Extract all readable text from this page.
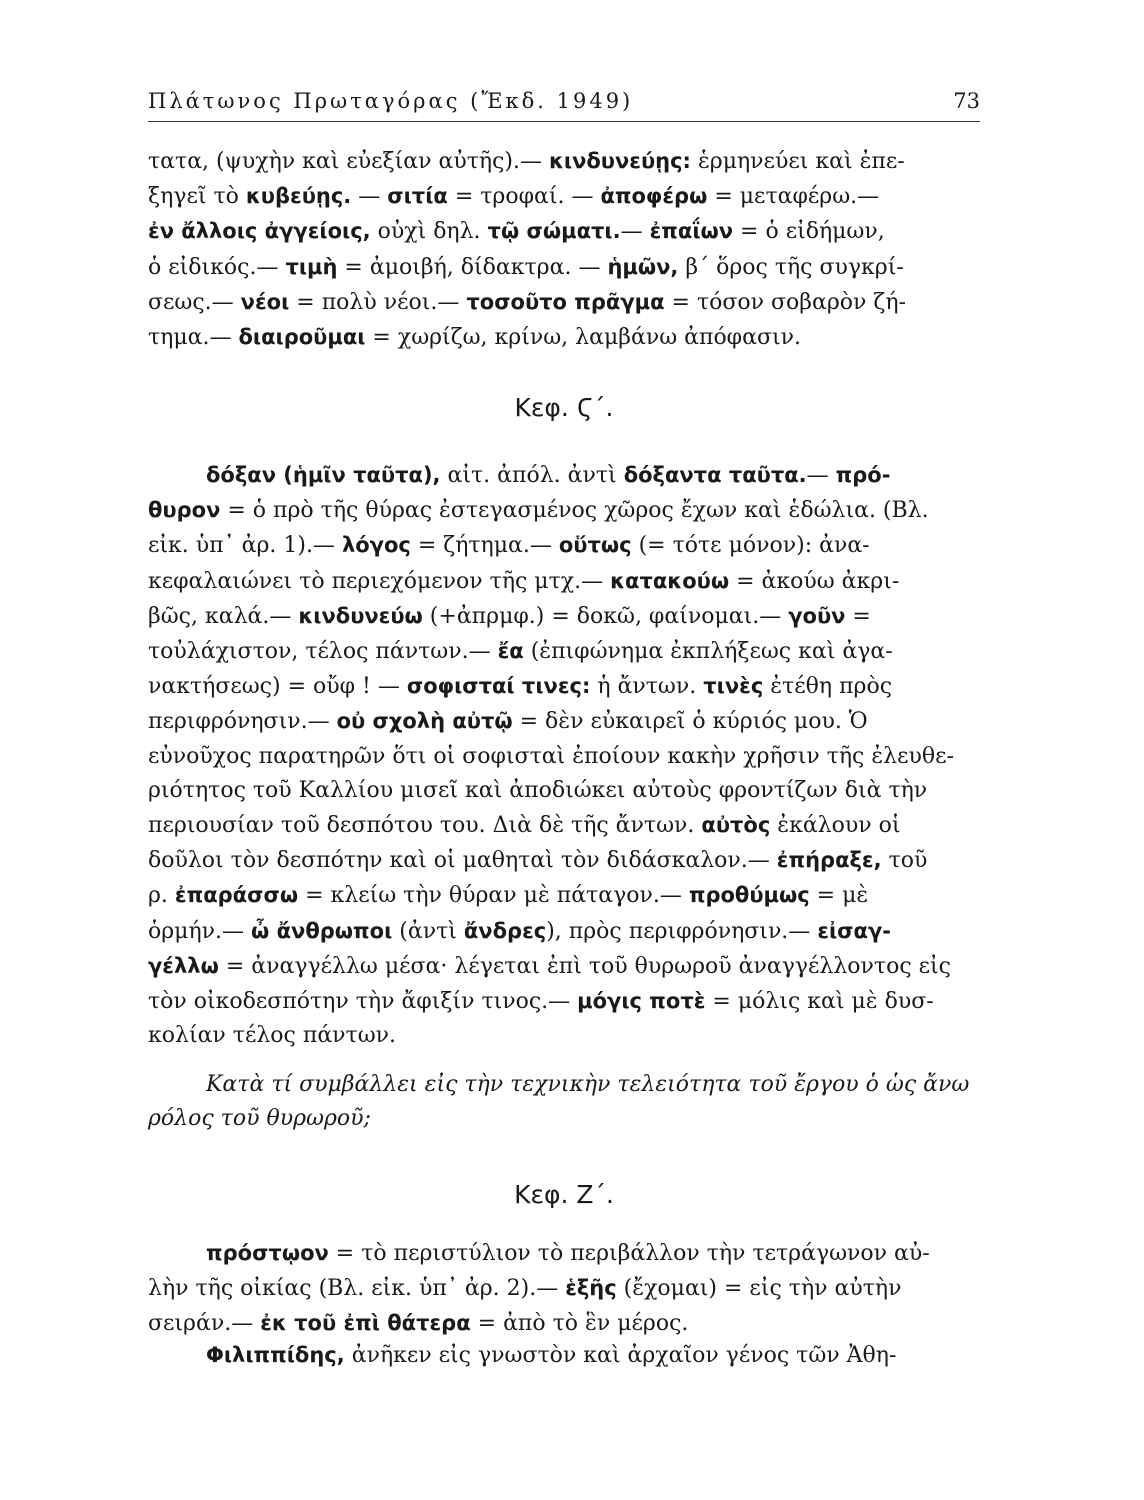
Πλάτωνος Πρωταγόρας (Ἔκδ. 1949)	73
τατα, (ψυχὴν καὶ εὐεξίαν αὐτῆς).— κινδυνεύῃς: ἑρμηνεύει καὶ ἐπε-
ξηγεῖ τὸ κυβεύῃς. — σιτία = τροφαί. — ἀποφέρω = μεταφέρω.—
ἐν ἄλλοις ἀγγείοις, οὐχὶ δηλ. τῷ σώματι.— ἐπαΐων = ὁ εἰδήμων,
ὁ εἰδικός.— τιμὴ = ἀμοιβή, δίδακτρα. — ἡμῶν, β΄ ὅρος τῆς συγκρί-
σεως.— νέοι = πολὺ νέοι.— τοσοῦτο πρᾶγμα = τόσον σοβαρὸν ζή-
τημα.— διαιροῦμαι = χωρίζω, κρίνω, λαμβάνω ἀπόφασιν.
Κεφ. Ϛ΄.
δόξαν (ἡμῖν ταῦτα), αἰτ. ἀπόλ. ἀντὶ δόξαντα ταῦτα.— πρό-
θυρον = ὁ πρὸ τῆς θύρας ἐστεγασμένος χῶρος ἔχων καὶ ἑδώλια. (Βλ.
εἰκ. ὑπ᾽ ἀρ. 1).— λόγος = ζήτημα.— οὕτως (= τότε μόνον): ἀνα-
κεφαλαιώνει τὸ περιεχόμενον τῆς μτχ.— κατακούω = ἀκούω ἀκρι-
βῶς, καλά.— κινδυνεύω (+ἀπρμφ.) = δοκῶ, φαίνομαι.— γοῦν =
τοὐλάχιστον, τέλος πάντων.— ἔα (ἐπιφώνημα ἐκπλήξεως καὶ ἀγα-
νακτήσεως) = οὔφ ! — σοφισταί τινες: ἡ ἄντων. τινὲς ἐτέθη πρὸς
περιφρόνησιν.— οὐ σχολὴ αὐτῷ = δὲν εὐκαιρεῖ ὁ κύριός μου. Ὁ
εὐνοῦχος παρατηρῶν ὅτι οἱ σοφισταὶ ἐποίουν κακὴν χρῆσιν τῆς ἐλευθε-
ριότητος τοῦ Καλλίου μισεῖ καὶ ἀποδιώκει αὐτοὺς φροντίζων διὰ τὴν
περιουσίαν τοῦ δεσπότου του. Διὰ δὲ τῆς ἄντων. αὐτὸς ἐκάλουν οἱ
δοῦλοι τὸν δεσπότην καὶ οἱ μαθηταὶ τὸν διδάσκαλον.— ἐπήραξε, τοῦ
ρ. ἐπαράσσω = κλείω τὴν θύραν μὲ πάταγον.— προθύμως = μὲ
ὁρμήν.— ὦ ἄνθρωποι (ἀντὶ ἄνδρες), πρὸς περιφρόνησιν.— εἰσαγ-
γέλλω = ἀναγγέλλω μέσα· λέγεται ἐπὶ τοῦ θυρωροῦ ἀναγγέλλοντος εἰς
τὸν οἰκοδεσπότην τὴν ἄφιξίν τινος.— μόγις ποτὲ = μόλις καὶ μὲ δυσ-
κολίαν τέλος πάντων.
Κατὰ τί συμβάλλει εἰς τὴν τεχνικὴν τελειότητα τοῦ ἔργου ὁ ὡς ἄνω
ρόλος τοῦ θυρωροῦ;
Κεφ. Ζ΄.
πρόστῳον = τὸ περιστύλιον τὸ περιβάλλον τὴν τετράγωνον αὐ-
λὴν τῆς οἰκίας (Βλ. εἰκ. ὑπ᾽ ἀρ. 2).— ἑξῆς (ἔχομαι) = εἰς τὴν αὐτὴν
σειράν.— ἐκ τοῦ ἐπὶ θάτερα = ἀπὸ τὸ ἓν μέρος.
Φιλιππίδης, ἀνῆκεν εἰς γνωστὸν καὶ ἀρχαῖον γένος τῶν Ἀθη-
